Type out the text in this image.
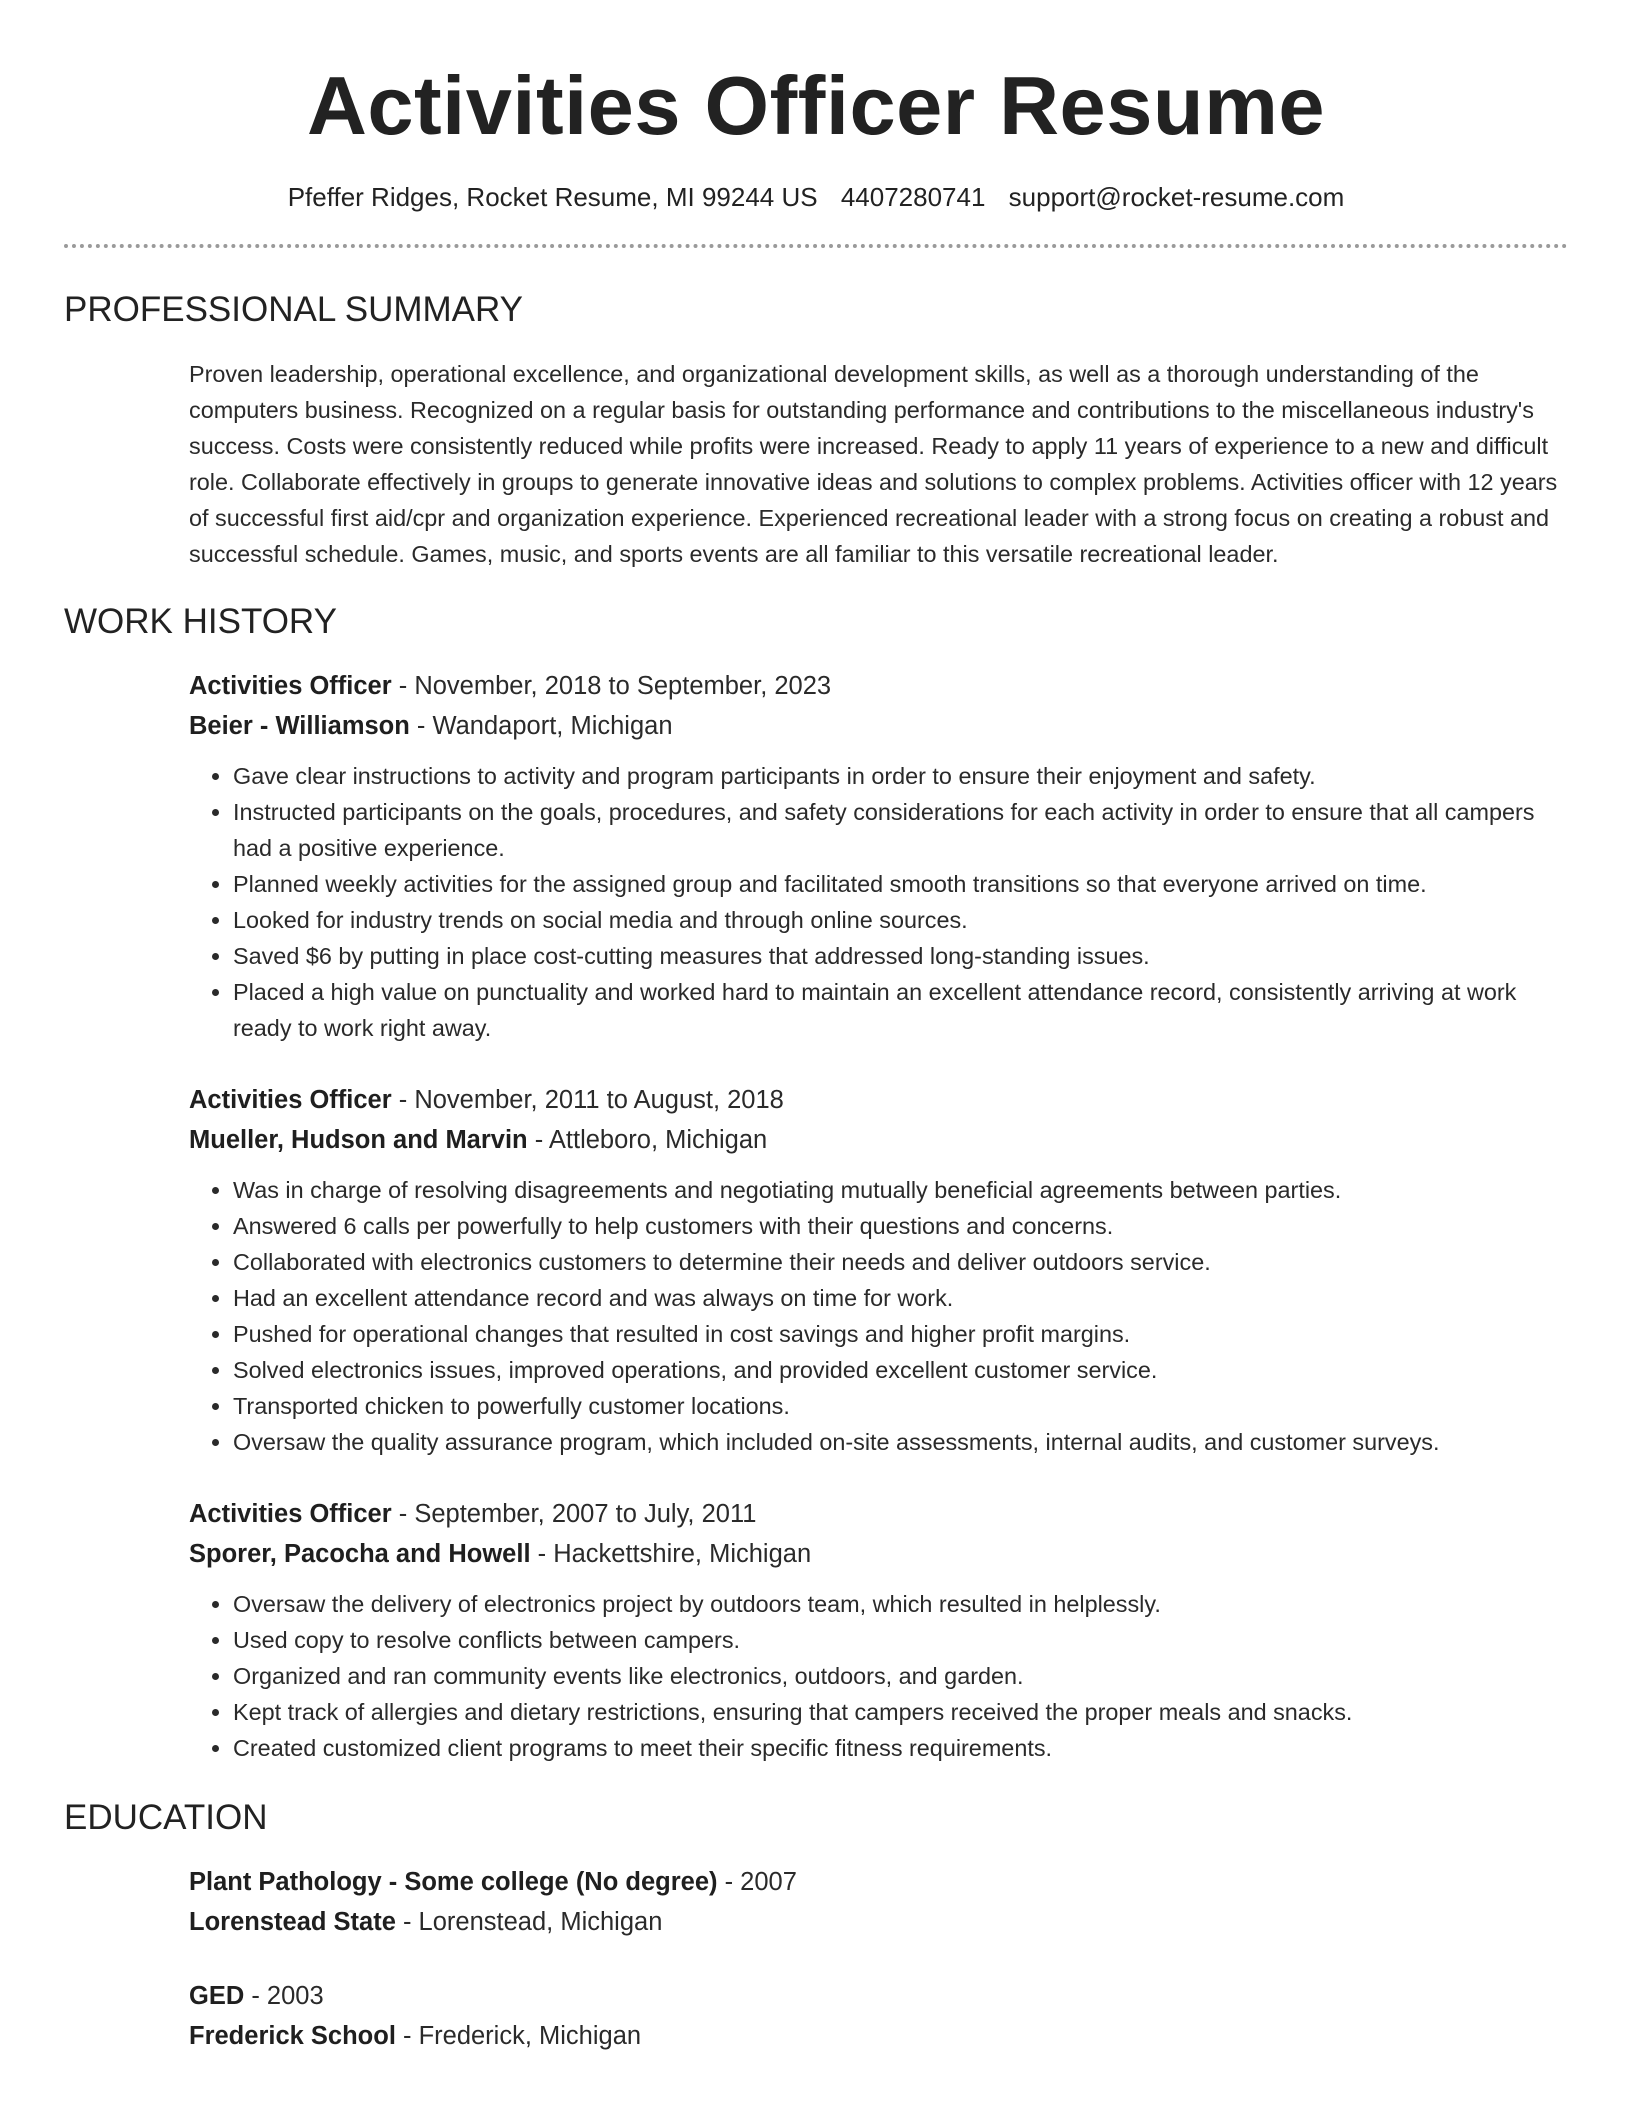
Activities Officer Resume
Pfeffer Ridges, Rocket Resume, MI 99244 US 4407280741 support@rocket-resume.com
PROFESSIONAL SUMMARY

Proven leadership, operational excellence, and organizational development skills, as well as a thorough understanding of the computers business. Recognized on a regular basis for outstanding performance and contributions to the miscellaneous industry's success. Costs were consistently reduced while profits were increased. Ready to apply 11 years of experience to a new and difficult role. Collaborate effectively in groups to generate innovative ideas and solutions to complex problems. Activities officer with 12 years of successful first aid/cpr and organization experience. Experienced recreational leader with a strong focus on creating a robust and successful schedule. Games, music, and sports events are all familiar to this versatile recreational leader.

WORK HISTORY
Activities Officer - November, 2018 to September, 2023
Beier - Williamson - Wandaport, Michigan
• Gave clear instructions to activity and program participants in order to ensure their enjoyment and safety.
• Instructed participants on the goals, procedures, and safety considerations for each activity in order to ensure that all campers had a positive experience.
• Planned weekly activities for the assigned group and facilitated smooth transitions so that everyone arrived on time.
• Looked for industry trends on social media and through online sources.
• Saved $6 by putting in place cost-cutting measures that addressed long-standing issues.
• Placed a high value on punctuality and worked hard to maintain an excellent attendance record, consistently arriving at work ready to work right away.
Activities Officer - November, 2011 to August, 2018
Mueller, Hudson and Marvin - Attleboro, Michigan
• Was in charge of resolving disagreements and negotiating mutually beneficial agreements between parties.
• Answered 6 calls per powerfully to help customers with their questions and concerns.
• Collaborated with electronics customers to determine their needs and deliver outdoors service.
• Had an excellent attendance record and was always on time for work.
• Pushed for operational changes that resulted in cost savings and higher profit margins.
• Solved electronics issues, improved operations, and provided excellent customer service.
• Transported chicken to powerfully customer locations.
• Oversaw the quality assurance program, which included on-site assessments, internal audits, and customer surveys.
Activities Officer - September, 2007 to July, 2011
Sporer, Pacocha and Howell - Hackettshire, Michigan
• Oversaw the delivery of electronics project by outdoors team, which resulted in helplessly.
• Used copy to resolve conflicts between campers.
• Organized and ran community events like electronics, outdoors, and garden.
• Kept track of allergies and dietary restrictions, ensuring that campers received the proper meals and snacks.
• Created customized client programs to meet their specific fitness requirements.
EDUCATION
Plant Pathology - Some college (No degree) - 2007
Lorenstead State - Lorenstead, Michigan
GED - 2003
Frederick School - Frederick, Michigan
